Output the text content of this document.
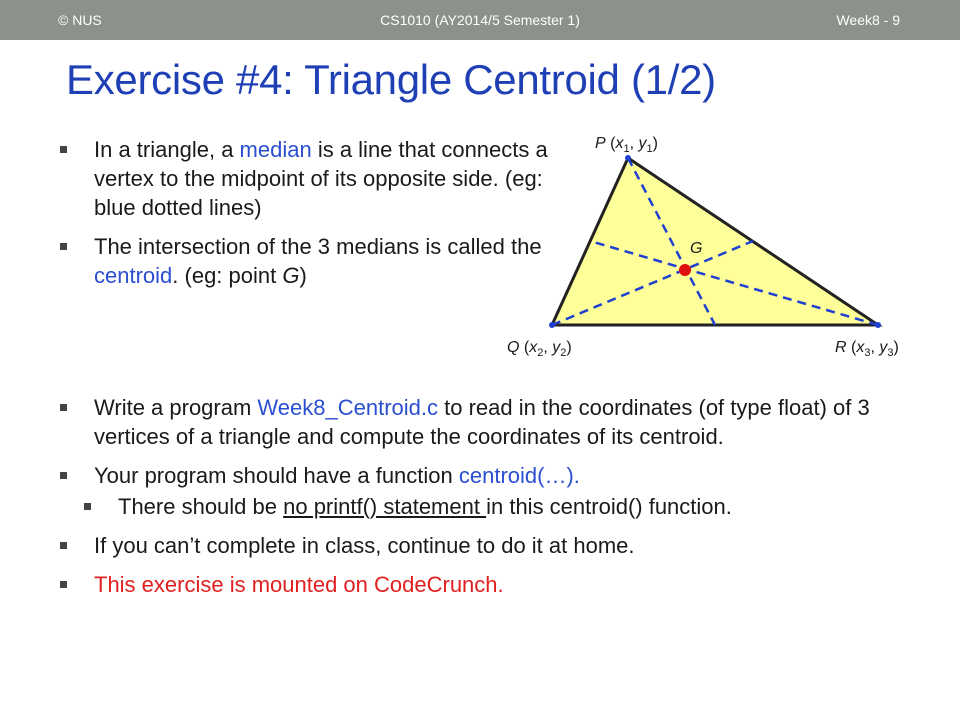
© NUS	CS1010 (AY2014/5 Semester 1)	Week8 - 9
Exercise #4: Triangle Centroid (1/2)
In a triangle, a median is a line that connects a vertex to the midpoint of its opposite side. (eg: blue dotted lines)
The intersection of the 3 medians is called the centroid. (eg: point G)
G
P ($x_1$, $y_1$)
Q ($x_2$, $y_2$)	R ($x_3$, $y_3$)
Write a program Week8_Centroid.c to read in the coordinates (of type float) of 3 vertices of a triangle and compute the coordinates of its centroid.
Your program should have a function centroid(…).
There should be no printf() statement in this centroid() function.
If you can’t complete in class, continue to do it at home.
This exercise is mounted on CodeCrunch.
